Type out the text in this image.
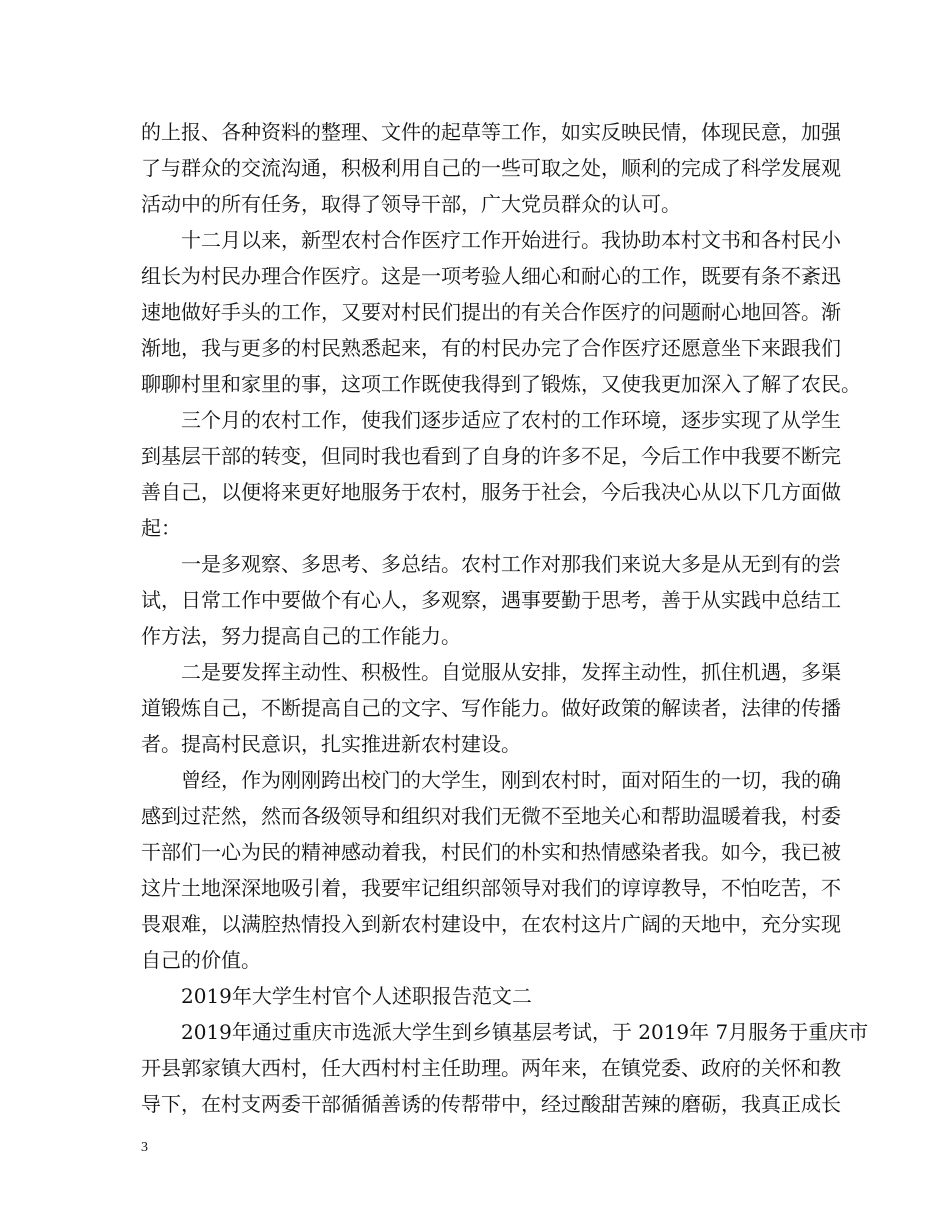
的上报、各种资料的整理、文件的起草等工作，如实反映民情，体现民意，加强
了与群众的交流沟通，积极利用自己的一些可取之处，顺利的完成了科学发展观
活动中的所有任务，取得了领导干部，广大党员群众的认可。
十二月以来，新型农村合作医疗工作开始进行。我协助本村文书和各村民小
组长为村民办理合作医疗。这是一项考验人细心和耐心的工作，既要有条不紊迅
速地做好手头的工作，又要对村民们提出的有关合作医疗的问题耐心地回答。渐
渐地，我与更多的村民熟悉起来，有的村民办完了合作医疗还愿意坐下来跟我们
聊聊村里和家里的事，这项工作既使我得到了锻炼，又使我更加深入了解了农民。
三个月的农村工作，使我们逐步适应了农村的工作环境，逐步实现了从学生
到基层干部的转变，但同时我也看到了自身的许多不足，今后工作中我要不断完
善自己，以便将来更好地服务于农村，服务于社会，今后我决心从以下几方面做
起：
一是多观察、多思考、多总结。农村工作对那我们来说大多是从无到有的尝
试，日常工作中要做个有心人，多观察，遇事要勤于思考，善于从实践中总结工
作方法，努力提高自己的工作能力。
二是要发挥主动性、积极性。自觉服从安排，发挥主动性，抓住机遇，多渠
道锻炼自己，不断提高自己的文字、写作能力。做好政策的解读者，法律的传播
者。提高村民意识，扎实推进新农村建设。
曾经，作为刚刚跨出校门的大学生，刚到农村时，面对陌生的一切，我的确
感到过茫然，然而各级领导和组织对我们无微不至地关心和帮助温暖着我，村委
干部们一心为民的精神感动着我，村民们的朴实和热情感染者我。如今，我已被
这片土地深深地吸引着，我要牢记组织部领导对我们的谆谆教导，不怕吃苦，不
畏艰难，以满腔热情投入到新农村建设中，在农村这片广阔的天地中，充分实现
自己的价值。
2019年大学生村官个人述职报告范文二
2019年通过重庆市选派大学生到乡镇基层考试，于 2019年 7月服务于重庆市
开县郭家镇大西村，任大西村村主任助理。两年来，在镇党委、政府的关怀和教
导下，在村支两委干部循循善诱的传帮带中，经过酸甜苦辣的磨砺，我真正成长
3
